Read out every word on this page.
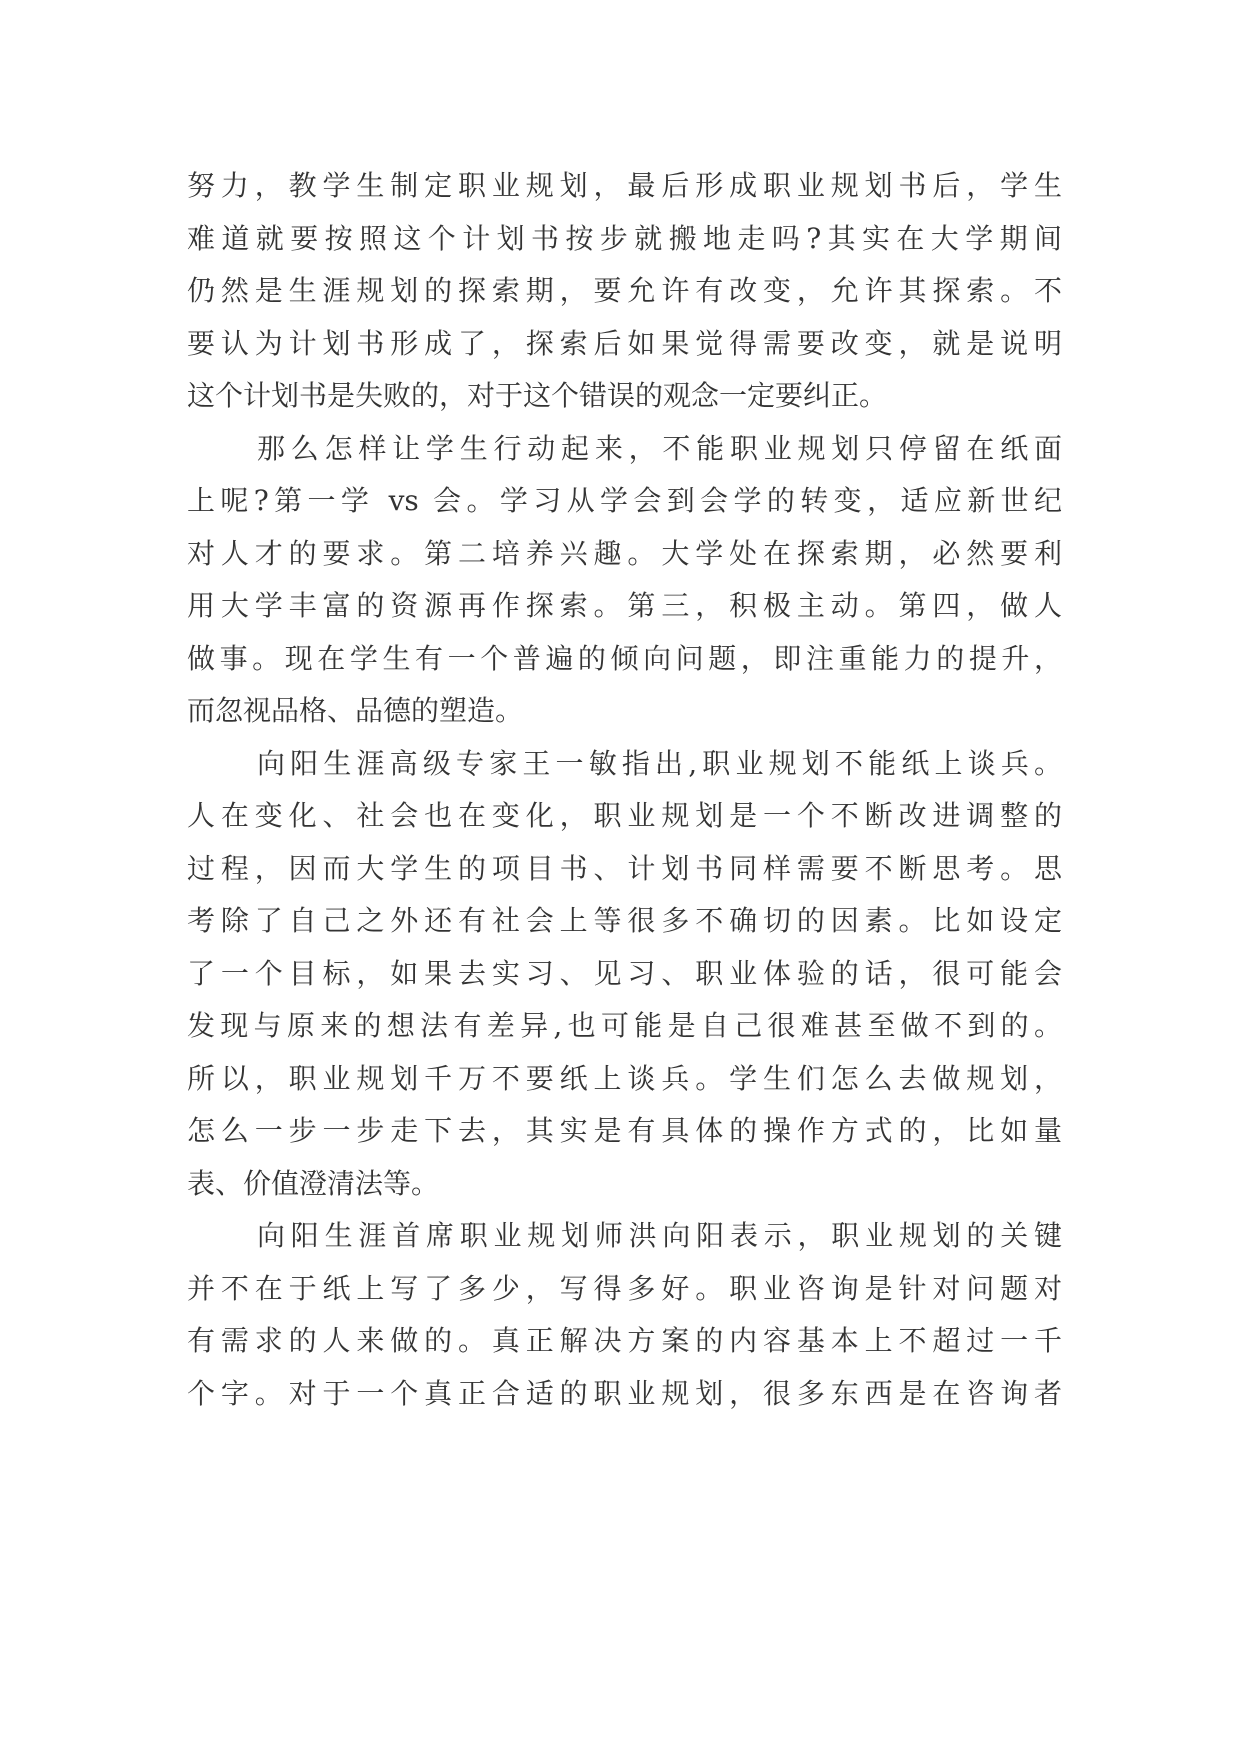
努力，教学生制定职业规划，最后形成职业规划书后，学生
难道就要按照这个计划书按步就搬地走吗?其实在大学期间
仍然是生涯规划的探索期，要允许有改变，允许其探索。不
要认为计划书形成了，探索后如果觉得需要改变，就是说明
这个计划书是失败的，对于这个错误的观念一定要纠正。
那么怎样让学生行动起来，不能职业规划只停留在纸面
上呢?第一学 vs 会。学习从学会到会学的转变，适应新世纪
对人才的要求。第二培养兴趣。大学处在探索期，必然要利
用大学丰富的资源再作探索。第三，积极主动。第四，做人
做事。现在学生有一个普遍的倾向问题，即注重能力的提升，
而忽视品格、品德的塑造。
向阳生涯高级专家王一敏指出,职业规划不能纸上谈兵。
人在变化、社会也在变化，职业规划是一个不断改进调整的
过程，因而大学生的项目书、计划书同样需要不断思考。思
考除了自己之外还有社会上等很多不确切的因素。比如设定
了一个目标，如果去实习、见习、职业体验的话，很可能会
发现与原来的想法有差异,也可能是自己很难甚至做不到的。
所以，职业规划千万不要纸上谈兵。学生们怎么去做规划，
怎么一步一步走下去，其实是有具体的操作方式的，比如量
表、价值澄清法等。
向阳生涯首席职业规划师洪向阳表示，职业规划的关键
并不在于纸上写了多少，写得多好。职业咨询是针对问题对
有需求的人来做的。真正解决方案的内容基本上不超过一千
个字。对于一个真正合适的职业规划，很多东西是在咨询者
